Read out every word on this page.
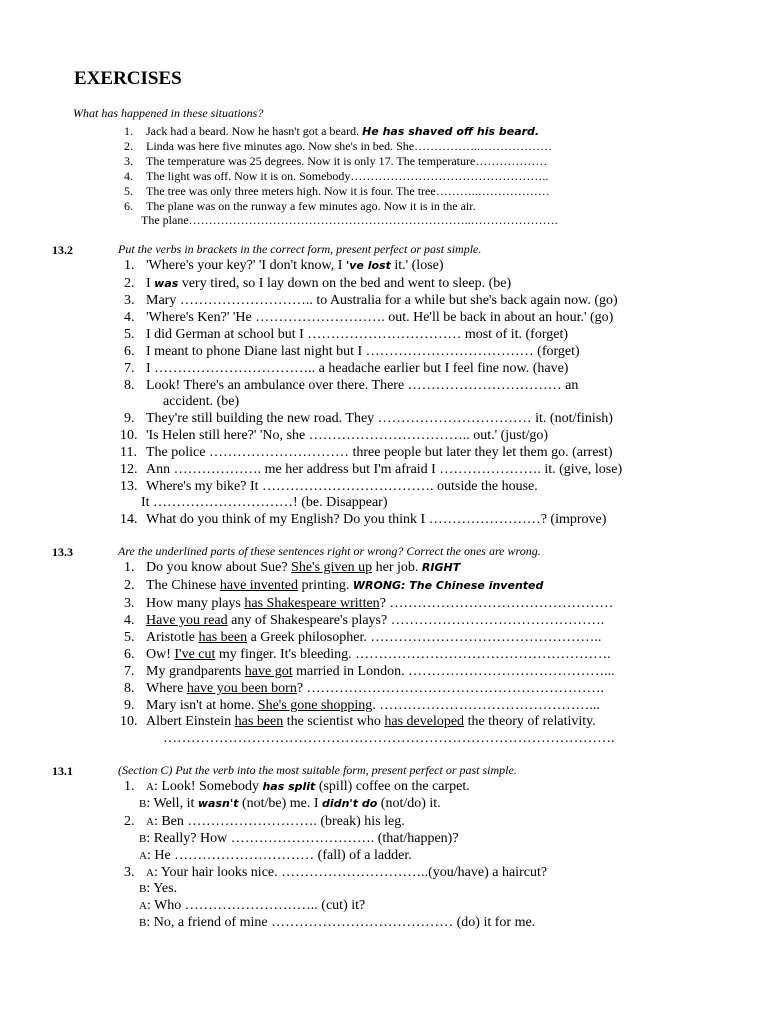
EXERCISES
What has happened in these situations?
1. Jack had a beard. Now he hasn't got a beard. He has shaved off his beard.
2. Linda was here five minutes ago. Now she's in bed. She……………..………………
3. The temperature was 25 degrees. Now it is only 17. The temperature………………
4. The light was off. Now it is on. Somebody…………………………………………..
5. The tree was only three meters high. Now it is four. The tree………..………………
6. The plane was on the runway a few minutes ago. Now it is in the air.
The plane……………………………………………………………..………………….
13.2	Put the verbs in brackets in the correct form, present perfect or past simple.
1. 'Where's your key?' 'I don't know, I 've lost it.' (lose)
2. I was very tired, so I lay down on the bed and went to sleep. (be)
3. Mary ……………………….. to Australia for a while but she's back again now. (go)
4. 'Where's Ken?' 'He ………………………. out. He'll be back in about an hour.' (go)
5. I did German at school but I …………………………… most of it. (forget)
6. I meant to phone Diane last night but I ……………………………… (forget)
7. I …………………………….. a headache earlier but I feel fine now. (have)
8. Look! There's an ambulance over there. There …………………………… an
accident. (be)
9. They're still building the new road. They …………………………… it. (not/finish)
10. 'Is Helen still here?' 'No, she …………………………….. out.' (just/go)
11. The police ………………………… three people but later they let them go. (arrest)
12. Ann ………………. me her address but I'm afraid I …………………. it. (give, lose)
13. Where's my bike? It ………………………………. outside the house.
It …………………………! (be. Disappear)
14. What do you think of my English? Do you think I ……………………? (improve)
13.3	Are the underlined parts of these sentences right or wrong? Correct the ones are wrong.
1. Do you know about Sue? She's given up her job. RIGHT
2. The Chinese have invented printing. WRONG: The Chinese invented
3. How many plays has Shakespeare written? …………………………………………
4. Have you read any of Shakespeare's plays? ……………………………………….
5. Aristotle has been a Greek philosopher. …………………………………………..
6. Ow! I've cut my finger. It's bleeding. ……………………………………………….
7. My grandparents have got married in London. ……………………………………...
8. Where have you been born? ……………………………………………………….
9. Mary isn't at home. She's gone shopping. ………………………………………...
10. Albert Einstein has been the scientist who has developed the theory of relativity.
…………………………………………………………………………………….
13.1	(Section C) Put the verb into the most suitable form, present perfect or past simple.
1. A: Look! Somebody has split (spill) coffee on the carpet.
B: Well, it wasn't (not/be) me. I didn't do (not/do) it.
2. A: Ben ………………………. (break) his leg.
B: Really? How …………………………. (that/happen)?
A: He ………………………… (fall) of a ladder.
3. A: Your hair looks nice. …………………………..(you/have) a haircut?
B: Yes.
A: Who ……………………….. (cut) it?
B: No, a friend of mine ………………………………… (do) it for me.
